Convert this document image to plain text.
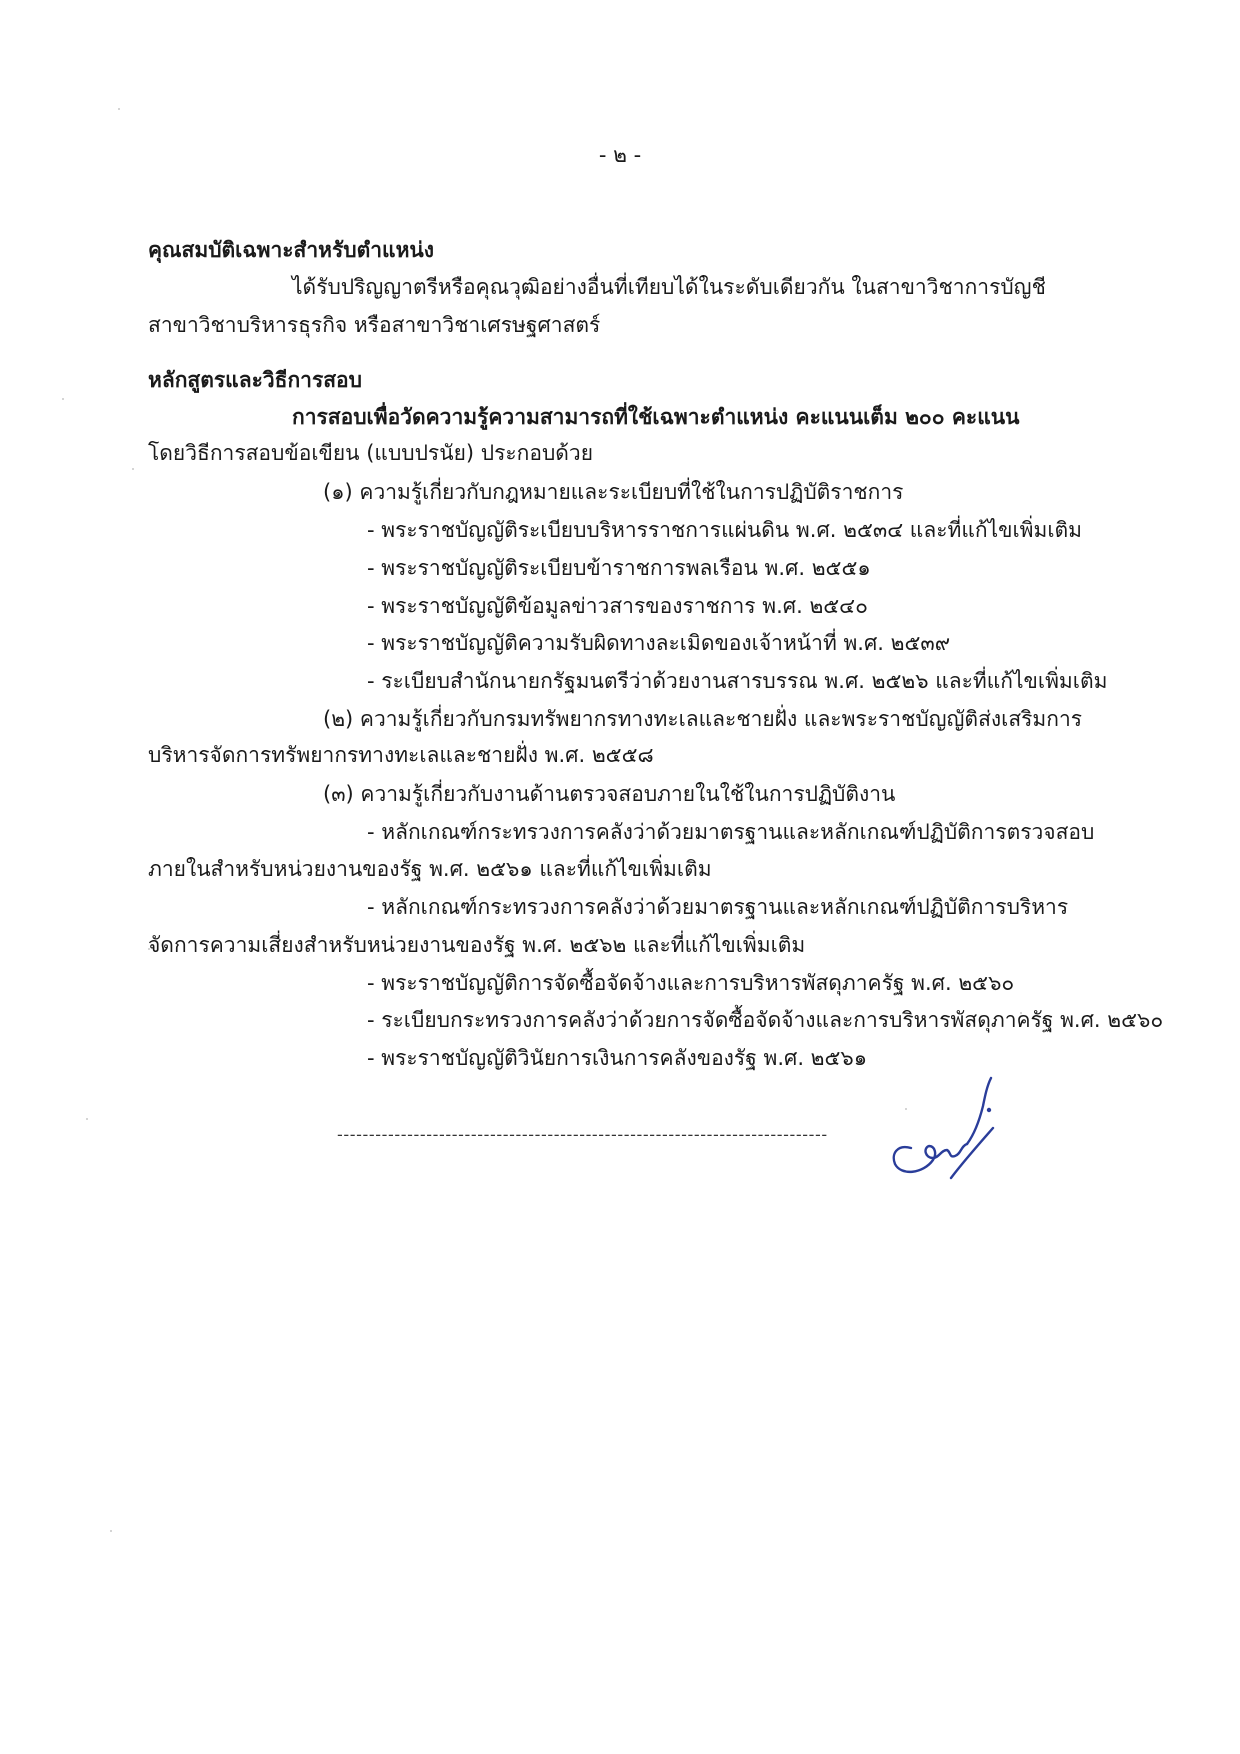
- ๒ -
คุณสมบัติเฉพาะสำหรับตำแหน่ง
ได้รับปริญญาตรีหรือคุณวุฒิอย่างอื่นที่เทียบได้ในระดับเดียวกัน ในสาขาวิชาการบัญชี
สาขาวิชาบริหารธุรกิจ หรือสาขาวิชาเศรษฐศาสตร์
หลักสูตรและวิธีการสอบ
การสอบเพื่อวัดความรู้ความสามารถที่ใช้เฉพาะตำแหน่ง คะแนนเต็ม ๒๐๐ คะแนน
โดยวิธีการสอบข้อเขียน (แบบปรนัย) ประกอบด้วย
(๑) ความรู้เกี่ยวกับกฎหมายและระเบียบที่ใช้ในการปฏิบัติราชการ
- พระราชบัญญัติระเบียบบริหารราชการแผ่นดิน พ.ศ. ๒๕๓๔ และที่แก้ไขเพิ่มเติม
- พระราชบัญญัติระเบียบข้าราชการพลเรือน พ.ศ. ๒๕๕๑
- พระราชบัญญัติข้อมูลข่าวสารของราชการ พ.ศ. ๒๕๔๐
- พระราชบัญญัติความรับผิดทางละเมิดของเจ้าหน้าที่ พ.ศ. ๒๕๓๙
- ระเบียบสำนักนายกรัฐมนตรีว่าด้วยงานสารบรรณ พ.ศ. ๒๕๒๖ และที่แก้ไขเพิ่มเติม
(๒) ความรู้เกี่ยวกับกรมทรัพยากรทางทะเลและชายฝั่ง และพระราชบัญญัติส่งเสริมการ
บริหารจัดการทรัพยากรทางทะเลและชายฝั่ง พ.ศ. ๒๕๕๘
(๓) ความรู้เกี่ยวกับงานด้านตรวจสอบภายในใช้ในการปฏิบัติงาน
- หลักเกณฑ์กระทรวงการคลังว่าด้วยมาตรฐานและหลักเกณฑ์ปฏิบัติการตรวจสอบ
ภายในสำหรับหน่วยงานของรัฐ พ.ศ. ๒๕๖๑ และที่แก้ไขเพิ่มเติม
- หลักเกณฑ์กระทรวงการคลังว่าด้วยมาตรฐานและหลักเกณฑ์ปฏิบัติการบริหาร
จัดการความเสี่ยงสำหรับหน่วยงานของรัฐ พ.ศ. ๒๕๖๒ และที่แก้ไขเพิ่มเติม
- พระราชบัญญัติการจัดซื้อจัดจ้างและการบริหารพัสดุภาครัฐ พ.ศ. ๒๕๖๐
- ระเบียบกระทรวงการคลังว่าด้วยการจัดซื้อจัดจ้างและการบริหารพัสดุภาครัฐ พ.ศ. ๒๕๖๐
- พระราชบัญญัติวินัยการเงินการคลังของรัฐ พ.ศ. ๒๕๖๑
-----------------------------------------------------------------------------
